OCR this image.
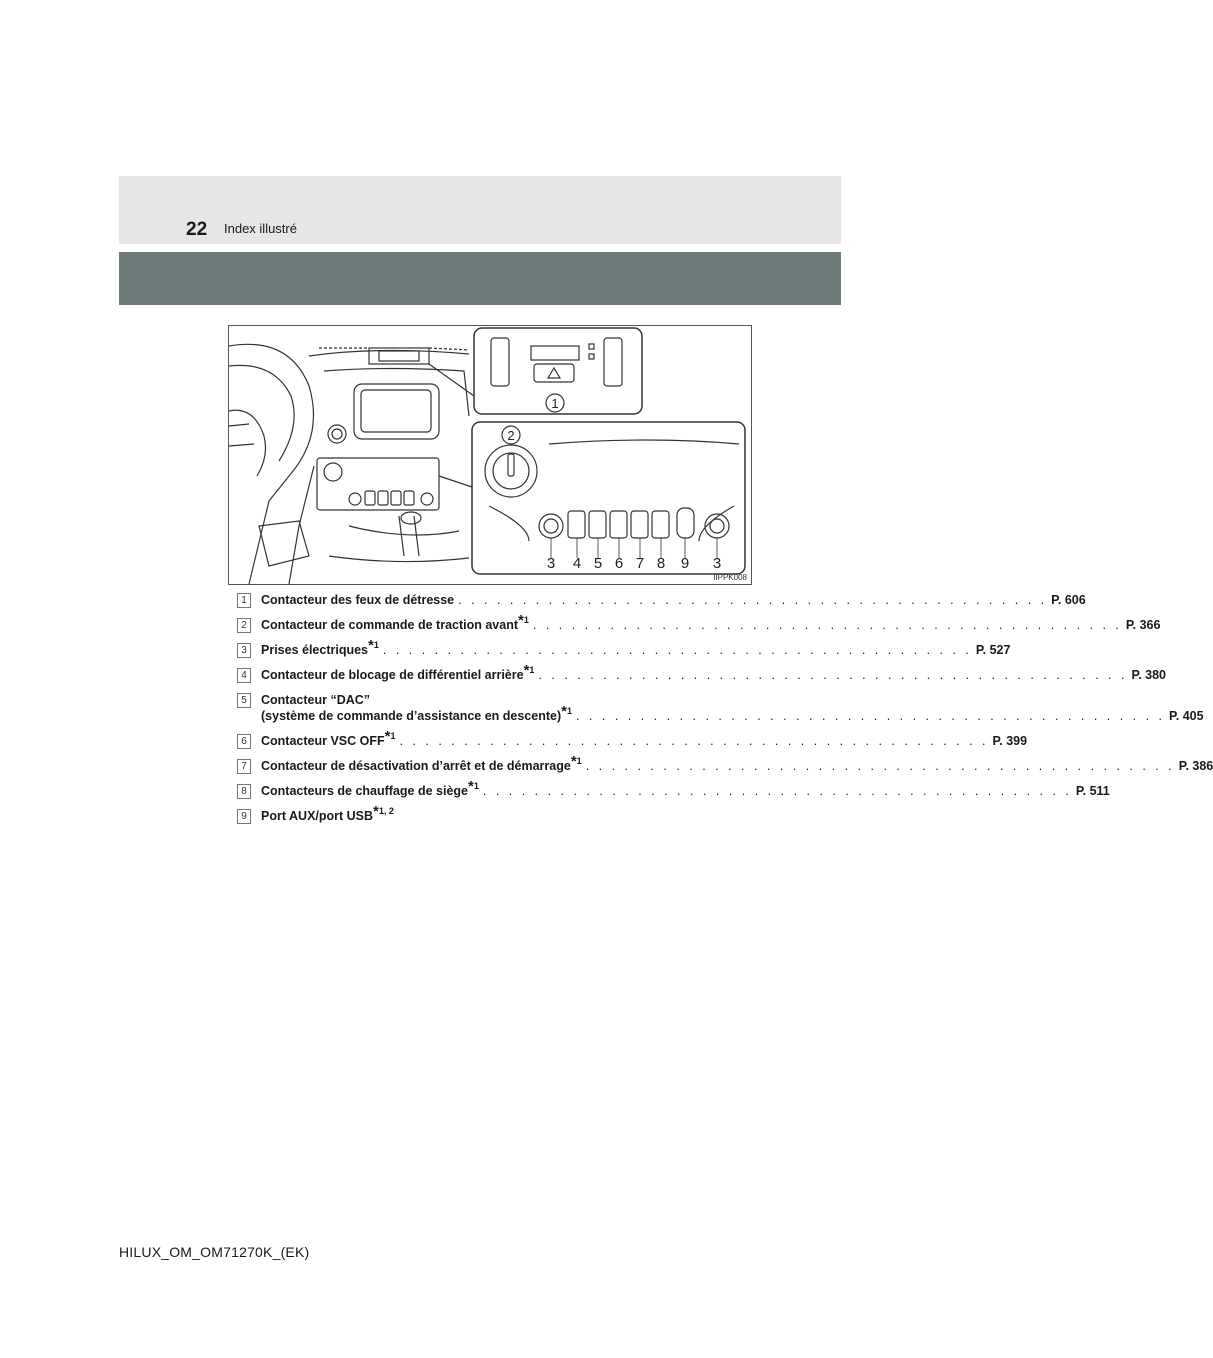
22 Index illustré
1
2
3 4 5 6 7 8 9 3
IIPPK008
1	Contacteur des feux de détresse . . . . . . . . . . . . . . . . . . . . . . . . . . . . . . . . . . . . . . . . . . . . . . P. 606
2	Contacteur de commande de traction avant$^{*1}$ . . . . . . . . . . . . . . . . . . . . . . . . . . . . . . . . . . . . . . . . . . . . . . P. 366
3	Prises électriques$^{*1}$ . . . . . . . . . . . . . . . . . . . . . . . . . . . . . . . . . . . . . . . . . . . . . . P. 527
4	Contacteur de blocage de différentiel arrière$^{*1}$ . . . . . . . . . . . . . . . . . . . . . . . . . . . . . . . . . . . . . . . . . . . . . . P. 380
5	Contacteur “DAC”
(système de commande d’assistance en descente)$^{*1}$ . . . . . . . . . . . . . . . . . . . . . . . . . . . . . . . . . . . . . . . . . . . . . . P. 405
6	Contacteur VSC OFF$^{*1}$ . . . . . . . . . . . . . . . . . . . . . . . . . . . . . . . . . . . . . . . . . . . . . . P. 399
7	Contacteur de désactivation d’arrêt et de démarrage$^{*1}$ . . . . . . . . . . . . . . . . . . . . . . . . . . . . . . . . . . . . . . . . . . . . . . P. 386
8	Contacteurs de chauffage de siège$^{*1}$ . . . . . . . . . . . . . . . . . . . . . . . . . . . . . . . . . . . . . . . . . . . . . . P. 511
9	Port AUX/port USB$^{*1, 2}$
HILUX_OM_OM71270K_(EK)
